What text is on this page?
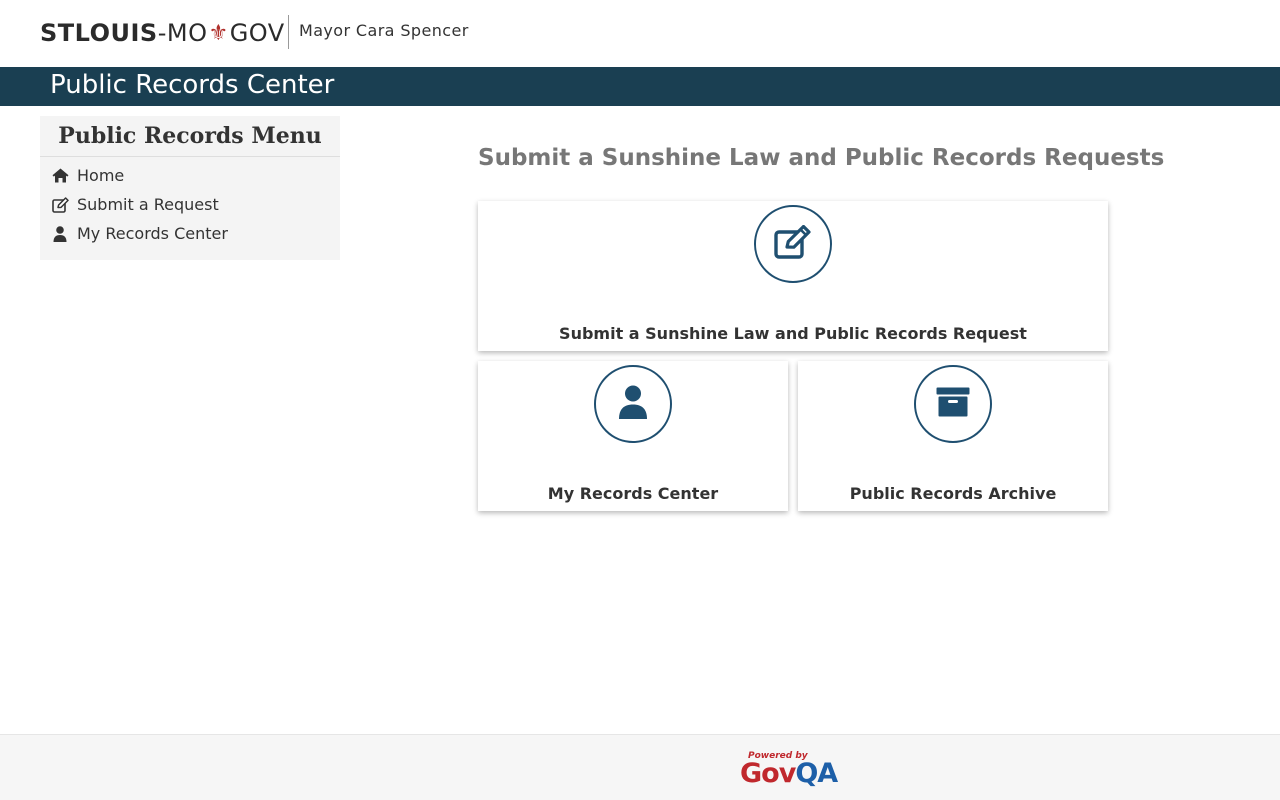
STLOUIS -MO ⚜ GOV Mayor Cara Spencer
Public Records Center
Public Records Menu
Home
Submit a Request
My Records Center
Submit a Sunshine Law and Public Records Requests
Submit a Sunshine Law and Public Records Request
My Records Center	Public Records Archive
Powered by
GovQA
